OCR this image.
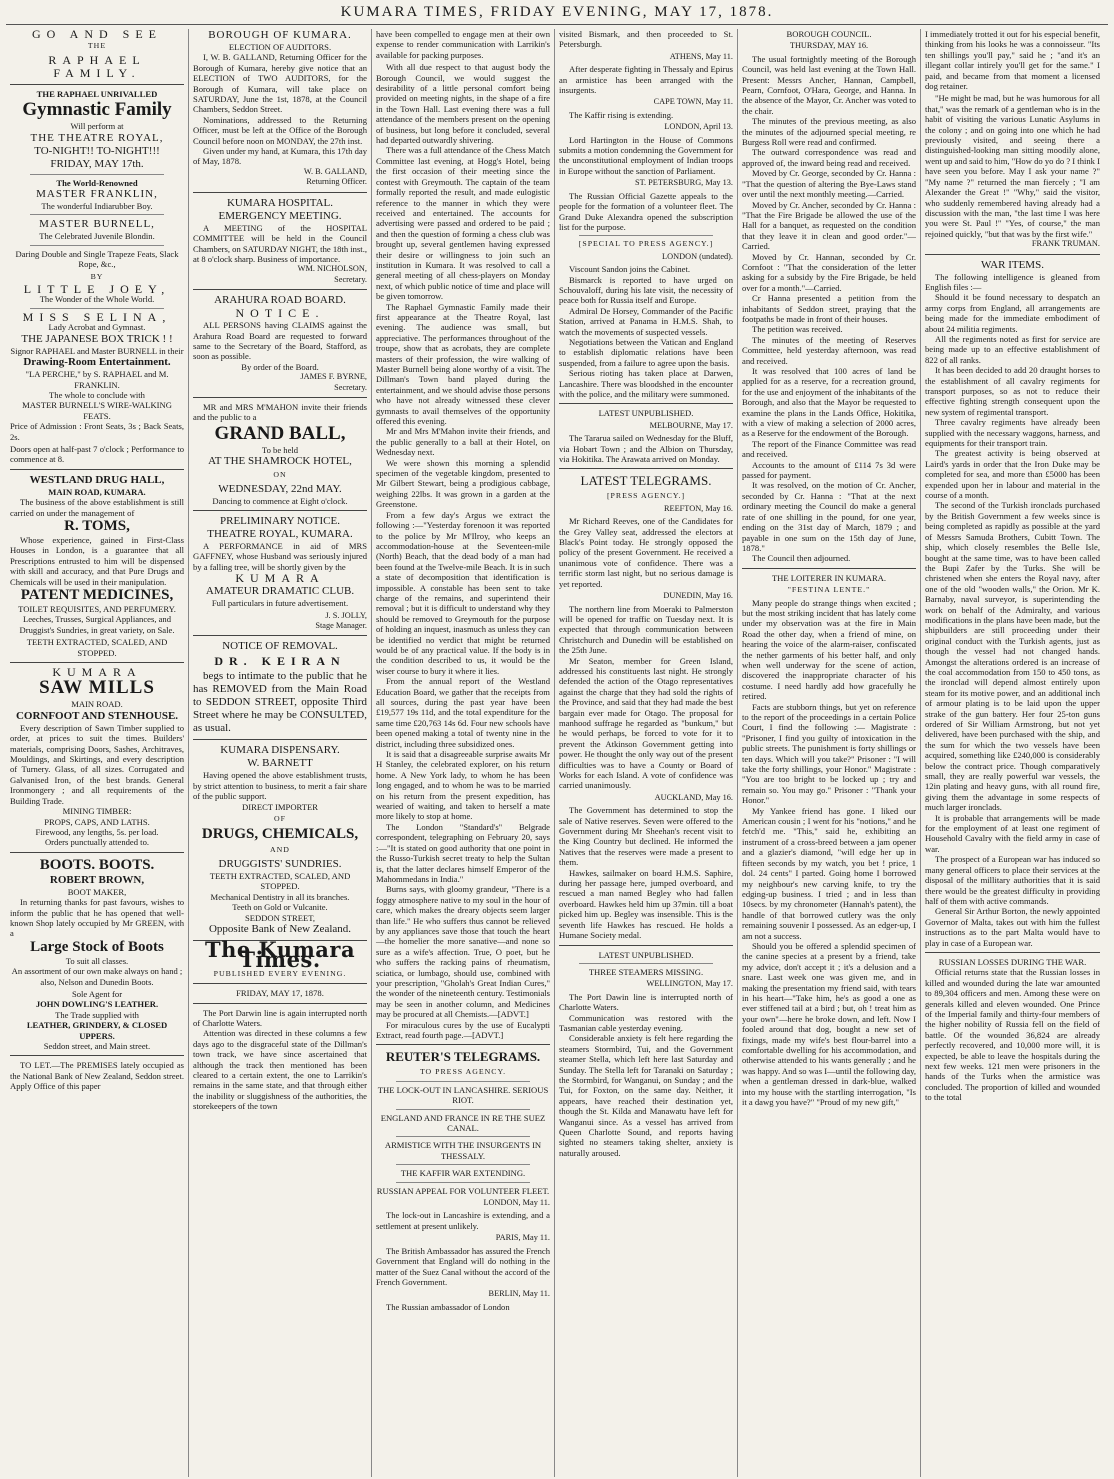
KUMARA TIMES, FRIDAY EVENING, MAY 17, 1878.
GO AND SEE
THE
RAPHAEL FAMILY.
THE RAPHAEL UNRIVALLED
Gymnastic Family
Will perform at
THE THEATRE ROYAL,
TO-NIGHT!! TO-NIGHT!!!
FRIDAY, MAY 17th.
The World-Renowned
MASTER FRANKLIN,
The wonderful Indiarubber Boy.
MASTER BURNELL,
The Celebrated Juvenile Blondin.
Daring Double and Single Trapeze Feats, Slack Rope, &c.,
BY
LITTLE JOEY,
The Wonder of the Whole World.
MISS SELINA,
Lady Acrobat and Gymnast.
THE JAPANESE BOX TRICK ! !
Signor RAPHAEL and Master BURNELL in their
Drawing-Room Entertainment.
"LA PERCHE," by S. RAPHAEL and M. FRANKLIN.
The whole to conclude with
MASTER BURNELL'S WIRE-WALKING FEATS.

Price of Admission : Front Seats, 3s ; Back Seats, 2s.

Doors open at half-past 7 o'clock ; Performance to commence at 8.

WESTLAND DRUG HALL,
MAIN ROAD, KUMARA.

The business of the above establishment is still carried on under the management of

R. TOMS,

Whose experience, gained in First-Class Houses in London, is a guarantee that all Prescriptions entrusted to him will be dispensed with skill and accuracy, and that Pure Drugs and Chemicals will be used in their manipulation.

PATENT MEDICINES,
TOILET REQUISITES, AND PERFUMERY.

Leeches, Trusses, Surgical Appliances, and Druggist's Sundries, in great variety, on Sale.

TEETH EXTRACTED, SCALED, AND STOPPED.
KUMARA
SAW MILLS
MAIN ROAD.
CORNFOOT AND STENHOUSE.

Every description of Sawn Timber supplied to order, at prices to suit the times. Builders' materials, comprising Doors, Sashes, Architraves, Mouldings, and Skirtings, and every description of Turnery. Glass, of all sizes. Corrugated and Galvanised Iron, of the best brands. General Ironmongery ; and all requirements of the Building Trade.

MINING TIMBER:
PROPS, CAPS, AND LATHS.
Firewood, any lengths, 5s. per load.
Orders punctually attended to.
BOOTS. BOOTS.
ROBERT BROWN,
BOOT MAKER,

In returning thanks for past favours, wishes to inform the public that he has opened that well-known Shop lately occupied by Mr GREEN, with a

Large Stock of Boots
To suit all classes.

An assortment of our own make always on hand ; also, Nelson and Dunedin Boots.

Sole Agent for
JOHN DOWLING'S LEATHER.
The Trade supplied with
LEATHER, GRINDERY, & CLOSED UPPERS.
Seddon street, and Main street.

TO LET.—The PREMISES lately occupied as the National Bank of New Zealand, Seddon street. Apply Office of this paper

BOROUGH OF KUMARA.
ELECTION OF AUDITORS.

I, W. B. GALLAND, Returning Officer for the Borough of Kumara, hereby give notice that an ELECTION of TWO AUDITORS, for the Borough of Kumara, will take place on SATURDAY, June the 1st, 1878, at the Council Chambers, Seddon Street.

Nominations, addressed to the Returning Officer, must be left at the Office of the Borough Council before noon on MONDAY, the 27th inst.

Given under my hand, at Kumara, this 17th day of May, 1878.

W. B. GALLAND,
Returning Officer.
KUMARA HOSPITAL.
EMERGENCY MEETING.

A MEETING of the HOSPITAL COMMITTEE will be held in the Council Chambers, on SATURDAY NIGHT, the 18th inst., at 8 o'clock sharp. Business of importance.

WM. NICHOLSON,
Secretary.
ARAHURA ROAD BOARD.
NOTICE.

ALL PERSONS having CLAIMS against the Arahura Road Board are requested to forward same to the Secretary of the Board, Stafford, as soon as possible.

By order of the Board.
JAMES F. BYRNE,
Secretary.

MR and MRS M'MAHON invite their friends and the public to a

GRAND BALL,
To be held
AT THE SHAMROCK HOTEL,
ON
WEDNESDAY, 22nd MAY.
Dancing to commence at Eight o'clock.
PRELIMINARY NOTICE.
THEATRE ROYAL, KUMARA.

A PERFORMANCE in aid of MRS GAFFNEY, whose Husband was seriously injured by a falling tree, will be shortly given by the

KUMARA
AMATEUR DRAMATIC CLUB.

Full particulars in future advertisement.

J. S. JOLLY,
Stage Manager.
NOTICE OF REMOVAL.
DR. KEIRAN

begs to intimate to the public that he has REMOVED from the Main Road to SEDDON STREET, opposite Third Street where he may be CONSULTED, as usual.

KUMARA DISPENSARY.
W. BARNETT

Having opened the above establishment trusts, by strict attention to business, to merit a fair share of the public support.

DIRECT IMPORTER
OF
DRUGS, CHEMICALS,
AND
DRUGGISTS' SUNDRIES.
TEETH EXTRACTED, SCALED, AND STOPPED.
Mechanical Dentistry in all its branches.
Teeth on Gold or Vulcanite.
SEDDON STREET,
Opposite Bank of New Zealand.
The Kumara Times.
PUBLISHED EVERY EVENING.
FRIDAY, MAY 17, 1878.

The Port Darwin line is again interrupted north of Charlotte Waters.

Attention was directed in these columns a few days ago to the disgraceful state of the Dillman's town track, we have since ascertained that although the track then mentioned has been cleared to a certain extent, the one to Larrikin's remains in the same state, and that through either the inability or sluggishness of the authorities, the storekeepers of the town

have been compelled to engage men at their own expense to render communication with Larrikin's available for packing purposes.

With all due respect to that august body the Borough Council, we would suggest the desirability of a little personal comfort being provided on meeting nights, in the shape of a fire in the Town Hall. Last evening there was a full attendance of the members present on the opening of business, but long before it concluded, several had departed outwardly shivering.

There was a full attendance of the Chess Match Committee last evening, at Hogg's Hotel, being the first occasion of their meeting since the contest with Greymouth. The captain of the team formally reported the result, and made eulogistic reference to the manner in which they were received and entertained. The accounts for advertising were passed and ordered to be paid ; and then the question of forming a chess club was brought up, several gentlemen having expressed their desire or willingness to join such an institution in Kumara. It was resolved to call a general meeting of all chess-players on Monday next, of which public notice of time and place will be given tomorrow.

The Raphael Gymnastic Family made their first appearance at the Theatre Royal, last evening. The audience was small, but appreciative. The performances throughout of the troupe, show that as acrobats, they are complete masters of their profession, the wire walking of Master Burnell being alone worthy of a visit. The Dillman's Town band played during the entertainment, and we should advise those persons who have not already witnessed these clever gymnasts to avail themselves of the opportunity offered this evening.

Mr and Mrs M'Mahon invite their friends, and the public generally to a ball at their Hotel, on Wednesday next.

We were shown this morning a splendid specimen of the vegetable kingdom, presented to Mr Gilbert Stewart, being a prodigious cabbage, weighing 22lbs. It was grown in a garden at the Greenstone.

From a few day's Argus we extract the following :—"Yesterday forenoon it was reported to the police by Mr M'Ilroy, who keeps an accommodation-house at the Seventeen-mile (North) Beach, that the dead body of a man had been found at the Twelve-mile Beach. It is in such a state of decomposition that identification is impossible. A constable has been sent to take charge of the remains, and superintend their removal ; but it is difficult to understand why they should be removed to Greymouth for the purpose of holding an inquest, inasmuch as unless they can be identified no verdict that might be returned would be of any practical value. If the body is in the condition described to us, it would be the wiser course to bury it where it lies.

From the annual report of the Westland Education Board, we gather that the receipts from all sources, during the past year have been £19,577 19s 11d, and the total expenditure for the same time £20,763 14s 6d. Four new schools have been opened making a total of twenty nine in the district, including three subsidized ones.

It is said that a disagreeable surprise awaits Mr H Stanley, the celebrated explorer, on his return home. A New York lady, to whom he has been long engaged, and to whom he was to be married on his return from the present expedition, has wearied of waiting, and taken to herself a mate more likely to stop at home.

The London "Standard's" Belgrade correspondent, telegraphing on February 20, says :—"It is stated on good authority that one point in the Russo-Turkish secret treaty to help the Sultan is, that the latter declares himself Emperor of the Mahommedans in India."

Burns says, with gloomy grandeur, "There is a foggy atmosphere native to my soul in the hour of care, which makes the dreary objects seem larger than life." He who suffers thus cannot be relieved by any appliances save those that touch the heart—the homelier the more sanative—and none so sure as a wife's affection. True, O poet, but he who suffers the racking pains of rheumatism, sciatica, or lumbago, should use, combined with your prescription, "Gholah's Great Indian Cures," the wonder of the nineteenth century. Testimonials may be seen in another column, and Medicines may be procured at all Chemists.—[ADVT.]

For miraculous cures by the use of Eucalypti Extract, read fourth page.—[ADVT.]

REUTER'S TELEGRAMS.
TO PRESS AGENCY.
THE LOCK-OUT IN LANCASHIRE. SERIOUS RIOT.
ENGLAND AND FRANCE IN RE THE SUEZ CANAL.
ARMISTICE WITH THE INSURGENTS IN THESSALY.
THE KAFFIR WAR EXTENDING.
RUSSIAN APPEAL FOR VOLUNTEER FLEET.
LONDON, May 11.

The lock-out in Lancashire is extending, and a settlement at present unlikely.

PARIS, May 11.

The British Ambassador has assured the French Government that England will do nothing in the matter of the Suez Canal without the accord of the French Government.

BERLIN, May 11.

The Russian ambassador of London

visited Bismark, and then proceeded to St. Petersburgh.

ATHENS, May 11.

After desperate fighting in Thessaly and Epirus an armistice has been arranged with the insurgents.

CAPE TOWN, May 11.

The Kaffir rising is extending.

LONDON, April 13.

Lord Hartington in the House of Commons submits a motion condemning the Government for the unconstitutional employment of Indian troops in Europe without the sanction of Parliament.

ST. PETERSBURG, May 13.

The Russian Official Gazette appeals to the people for the formation of a volunteer fleet. The Grand Duke Alexandra opened the subscription list for the purpose.

[SPECIAL TO PRESS AGENCY.]
LONDON (undated).

Viscount Sandon joins the Cabinet.

Bismarck is reported to have urged on Schouvaloff, during his late visit, the necessity of peace both for Russia itself and Europe.

Admiral De Horsey, Commander of the Pacific Station, arrived at Panama in H.M.S. Shah, to watch the movements of suspected vessels.

Negotiations between the Vatican and England to establish diplomatic relations have been suspended, from a failure to agree upon the basis.

Serious rioting has taken place at Darwen, Lancashire. There was bloodshed in the encounter with the police, and the military were summoned.

LATEST UNPUBLISHED.
MELBOURNE, May 17.

The Tararua sailed on Wednesday for the Bluff, via Hobart Town ; and the Albion on Thursday, via Hokitika. The Arawata arrived on Monday.

LATEST TELEGRAMS.
[PRESS AGENCY.]
REEFTON, May 16.

Mr Richard Reeves, one of the Candidates for the Grey Valley seat, addressed the electors at Black's Point today. He strongly opposed the policy of the present Government. He received a unanimous vote of confidence. There was a terrific storm last night, but no serious damage is yet reported.

DUNEDIN, May 16.

The northern line from Moeraki to Palmerston will be opened for traffic on Tuesday next. It is expected that through communication between Christchurch and Dunedin will be established on the 25th June.

Mr Seaton, member for Green Island, addressed his constituents last night. He strongly defended the action of the Otago representatives against the charge that they had sold the rights of the Province, and said that they had made the best bargain ever made for Otago. The proposal for manhood suffrage he regarded as "bunkum," but he would perhaps, be forced to vote for it to prevent the Atkinson Government getting into power. He thought the only way out of the present difficulties was to have a County or Board of Works for each Island. A vote of confidence was carried unanimously.

AUCKLAND, May 16.

The Government has determined to stop the sale of Native reserves. Seven were offered to the Government during Mr Sheehan's recent visit to the King Country but declined. He informed the Natives that the reserves were made a present to them.

Hawkes, sailmaker on board H.M.S. Saphire, during her passage here, jumped overboard, and rescued a man named Begley who had fallen overboard. Hawkes held him up 37min. till a boat picked him up. Begley was insensible. This is the seventh life Hawkes has rescued. He holds a Humane Society medal.

LATEST UNPUBLISHED.
THREE STEAMERS MISSING.
WELLINGTON, May 17.

The Port Dawin line is interrupted north of Charlotte Waters.

Communication was restored with the Tasmanian cable yesterday evening.

Considerable anxiety is felt here regarding the steamers Stormbird, Tui, and the Government steamer Stella, which left here last Saturday and Sunday. The Stella left for Taranaki on Saturday ; the Stormbird, for Wanganui, on Sunday ; and the Tui, for Foxton, on the same day. Neither, it appears, have reached their destination yet, though the St. Kilda and Manawatu have left for Wanganui since. As a vessel has arrived from Queen Charlotte Sound, and reports having sighted no steamers taking shelter, anxiety is naturally aroused.

BOROUGH COUNCIL.
THURSDAY, MAY 16.

The usual fortnightly meeting of the Borough Council, was held last evening at the Town Hall. Present: Messrs Ancher, Hannan, Campbell, Pearn, Cornfoot, O'Hara, George, and Hanna. In the absence of the Mayor, Cr. Ancher was voted to the chair.

The minutes of the previous meeting, as also the minutes of the adjourned special meeting, re Burgess Roll were read and confirmed.

The outward correspondence was read and approved of, the inward being read and received.

Moved by Cr. George, seconded by Cr. Hanna : "That the question of altering the Bye-Laws stand over until the next monthly meeting.—Carried.

Moved by Cr. Ancher, seconded by Cr. Hanna : "That the Fire Brigade be allowed the use of the Hall for a banquet, as requested on the condition that they leave it in clean and good order."—Carried.

Moved by Cr. Hannan, seconded by Cr. Cornfoot : "That the consideration of the letter asking for a subsidy by the Fire Brigade, be held over for a month."—Carried.

Cr Hanna presented a petition from the inhabitants of Seddon street, praying that the footpaths be made in front of their houses.

The petition was received.

The minutes of the meeting of Reserves Committee, held yesterday afternoon, was read and received.

It was resolved that 100 acres of land be applied for as a reserve, for a recreation ground, for the use and enjoyment of the inhabitants of the Borough, and also that the Mayor be requested to examine the plans in the Lands Office, Hokitika, with a view of making a selection of 2000 acres, as a Reserve for the endowment of the Borough.

The report of the Finance Committee was read and received.

Accounts to the amount of £114 7s 3d were passed for payment.

It was resolved, on the motion of Cr. Ancher, seconded by Cr. Hanna : "That at the next ordinary meeting the Council do make a general rate of one shilling in the pound, for one year, ending on the 31st day of March, 1879 ; and payable in one sum on the 15th day of June, 1878."

The Council then adjourned.

THE LOITERER IN KUMARA.
"FESTINA LENTE."

Many people do strange things when excited ; but the most striking incident that has lately come under my observation was at the fire in Main Road the other day, when a friend of mine, on hearing the voice of the alarm-raiser, confiscated the nether garments of his better half, and only when well underway for the scene of action, discovered the inappropriate character of his costume. I need hardly add how gracefully he retired.

Facts are stubborn things, but yet on reference to the report of the proceedings in a certain Police Court, I find the following :— Magistrate : "Prisoner, I find you guilty of intoxication in the public streets. The punishment is forty shillings or ten days. Which will you take?" Prisoner : "I will take the forty shillings, your Honor." Magistrate : "You are too bright to be locked up ; try and remain so. You may go." Prisoner : "Thank your Honor."

My Yankee friend has gone. I liked our American cousin ; I went for his "notions," and he fetch'd me. "This," said he, exhibiting an instrument of a cross-breed between a jam opener and a glazier's diamond, "will edge her up in fifteen seconds by my watch, you bet ! price, 1 dol. 24 cents" I parted. Going home I borrowed my neighbour's new carving knife, to try the edging-up business. I tried ; and in less than 10secs. by my chronometer (Hannah's patent), the handle of that borrowed cutlery was the only remaining souvenir I possessed. As an edger-up, I am not a success.

Should you be offered a splendid specimen of the canine species at a present by a friend, take my advice, don't accept it ; it's a delusion and a snare. Last week one was given me, and in making the presentation my friend said, with tears in his heart—"Take him, he's as good a one as ever stiffened tail at a bird ; but, oh ! treat him as your own"—here he broke down, and left. Now I fooled around that dog, bought a new set of fixings, made my wife's best flour-barrel into a comfortable dwelling for his accommodation, and otherwise attended to his wants generally ; and he was happy. And so was I—until the following day, when a gentleman dressed in dark-blue, walked into my house with the startling interrogation, "Is it a dawg you have?" "Proud of my new gift,"

I immediately trotted it out for his especial benefit, thinking from his looks he was a connoisseur. "Its ten shillings you'll pay," said he ; "and it's an illegant collar intirely you'll get for the same." I paid, and became from that moment a licensed dog retainer.

"He might be mad, but he was humorous for all that," was the remark of a gentleman who is in the habit of visiting the various Lunatic Asylums in the colony ; and on going into one which he had previously visited, and seeing there a distinguished-looking man sitting moodily alone, went up and said to him, "How do yo do ? I think I have seen you before. May I ask your name ?" "My name ?" returned the man fiercely ; "I am Alexander the Great !" "Why," said the visitor, who suddenly remembered having already had a discussion with the man, "the last time I was here you were St. Paul !" "Yes, of course," the man rejoined quickly, "but that was by the first wife."

FRANK TRUMAN.
WAR ITEMS.

The following intelligence is gleaned from English files :—

Should it be found necessary to despatch an army corps from England, all arrangements are being made for the immediate embodiment of about 24 militia regiments.

All the regiments noted as first for service are being made up to an effective establishment of 822 of all ranks.

It has been decided to add 20 draught horses to the establishment of all cavalry regiments for transport purposes, so as not to reduce their effective fighting strength consequent upon the new system of regimental transport.

Three cavalry regiments have already been supplied with the necessary waggons, harness, and equipments for their transport train.

The greatest activity is being observed at Laird's yards in order that the Iron Duke may be completed for sea, and more than £5000 has been expended upon her in labour and material in the course of a month.

The second of the Turkish ironclads purchased by the British Government a few weeks since is being completed as rapidly as possible at the yard of Messrs Samuda Brothers, Cubitt Town. The ship, which closely resembles the Belle Isle, bought at the same time, was to have been called the Bupi Zafer by the Turks. She will be christened when she enters the Royal navy, after one of the old "wooden walls," the Orion. Mr K. Barnaby, naval surveyor, is superintending the work on behalf of the Admiralty, and various modifications in the plans have been made, but the shipbuilders are still proceeding under their original conduct with the Turkish agents, just as though the vessel had not changed hands. Amongst the alterations ordered is an increase of the coal accommodation from 150 to 450 tons, as the ironclad will depend almost entirely upon steam for its motive power, and an additional inch of armour plating is to be laid upon the upper strake of the gun battery. Her four 25-ton guns ordered of Sir William Armstrong, but not yet delivered, have been purchased with the ship, and the sum for which the two vessels have been acquired, something like £240,000 is considerably below the contract price. Though comparatively small, they are really powerful war vessels, the 12in plating and heavy guns, with all round fire, giving them the advantage in some respects of much larger ironclads.

It is probable that arrangements will be made for the employment of at least one regiment of Household Cavalry with the field army in case of war.

The prospect of a European war has induced so many general officers to place their services at the disposal of the millitary authorities that it is said there would be the greatest difficulty in providing half of them with active commands.

General Sir Arthur Borton, the newly appointed Governor of Malta, takes out with him the fullest instructions as to the part Malta would have to play in case of a European war.

RUSSIAN LOSSES DURING THE WAR.

Official returns state that the Russian losses in killed and wounded during the late war amounted to 89,304 officers and men. Among these were on generals killed and eleven wounded. One Prince of the Imperial family and thirty-four members of the higher nobility of Russia fell on the field of battle. Of the wounded 36,824 are already perfectly recovered, and 10,000 more will, it is expected, be able to leave the hospitals during the next few weeks. 121 men were prisoners in the hands of the Turks when the armistice was concluded. The proportion of killed and wounded to the total
